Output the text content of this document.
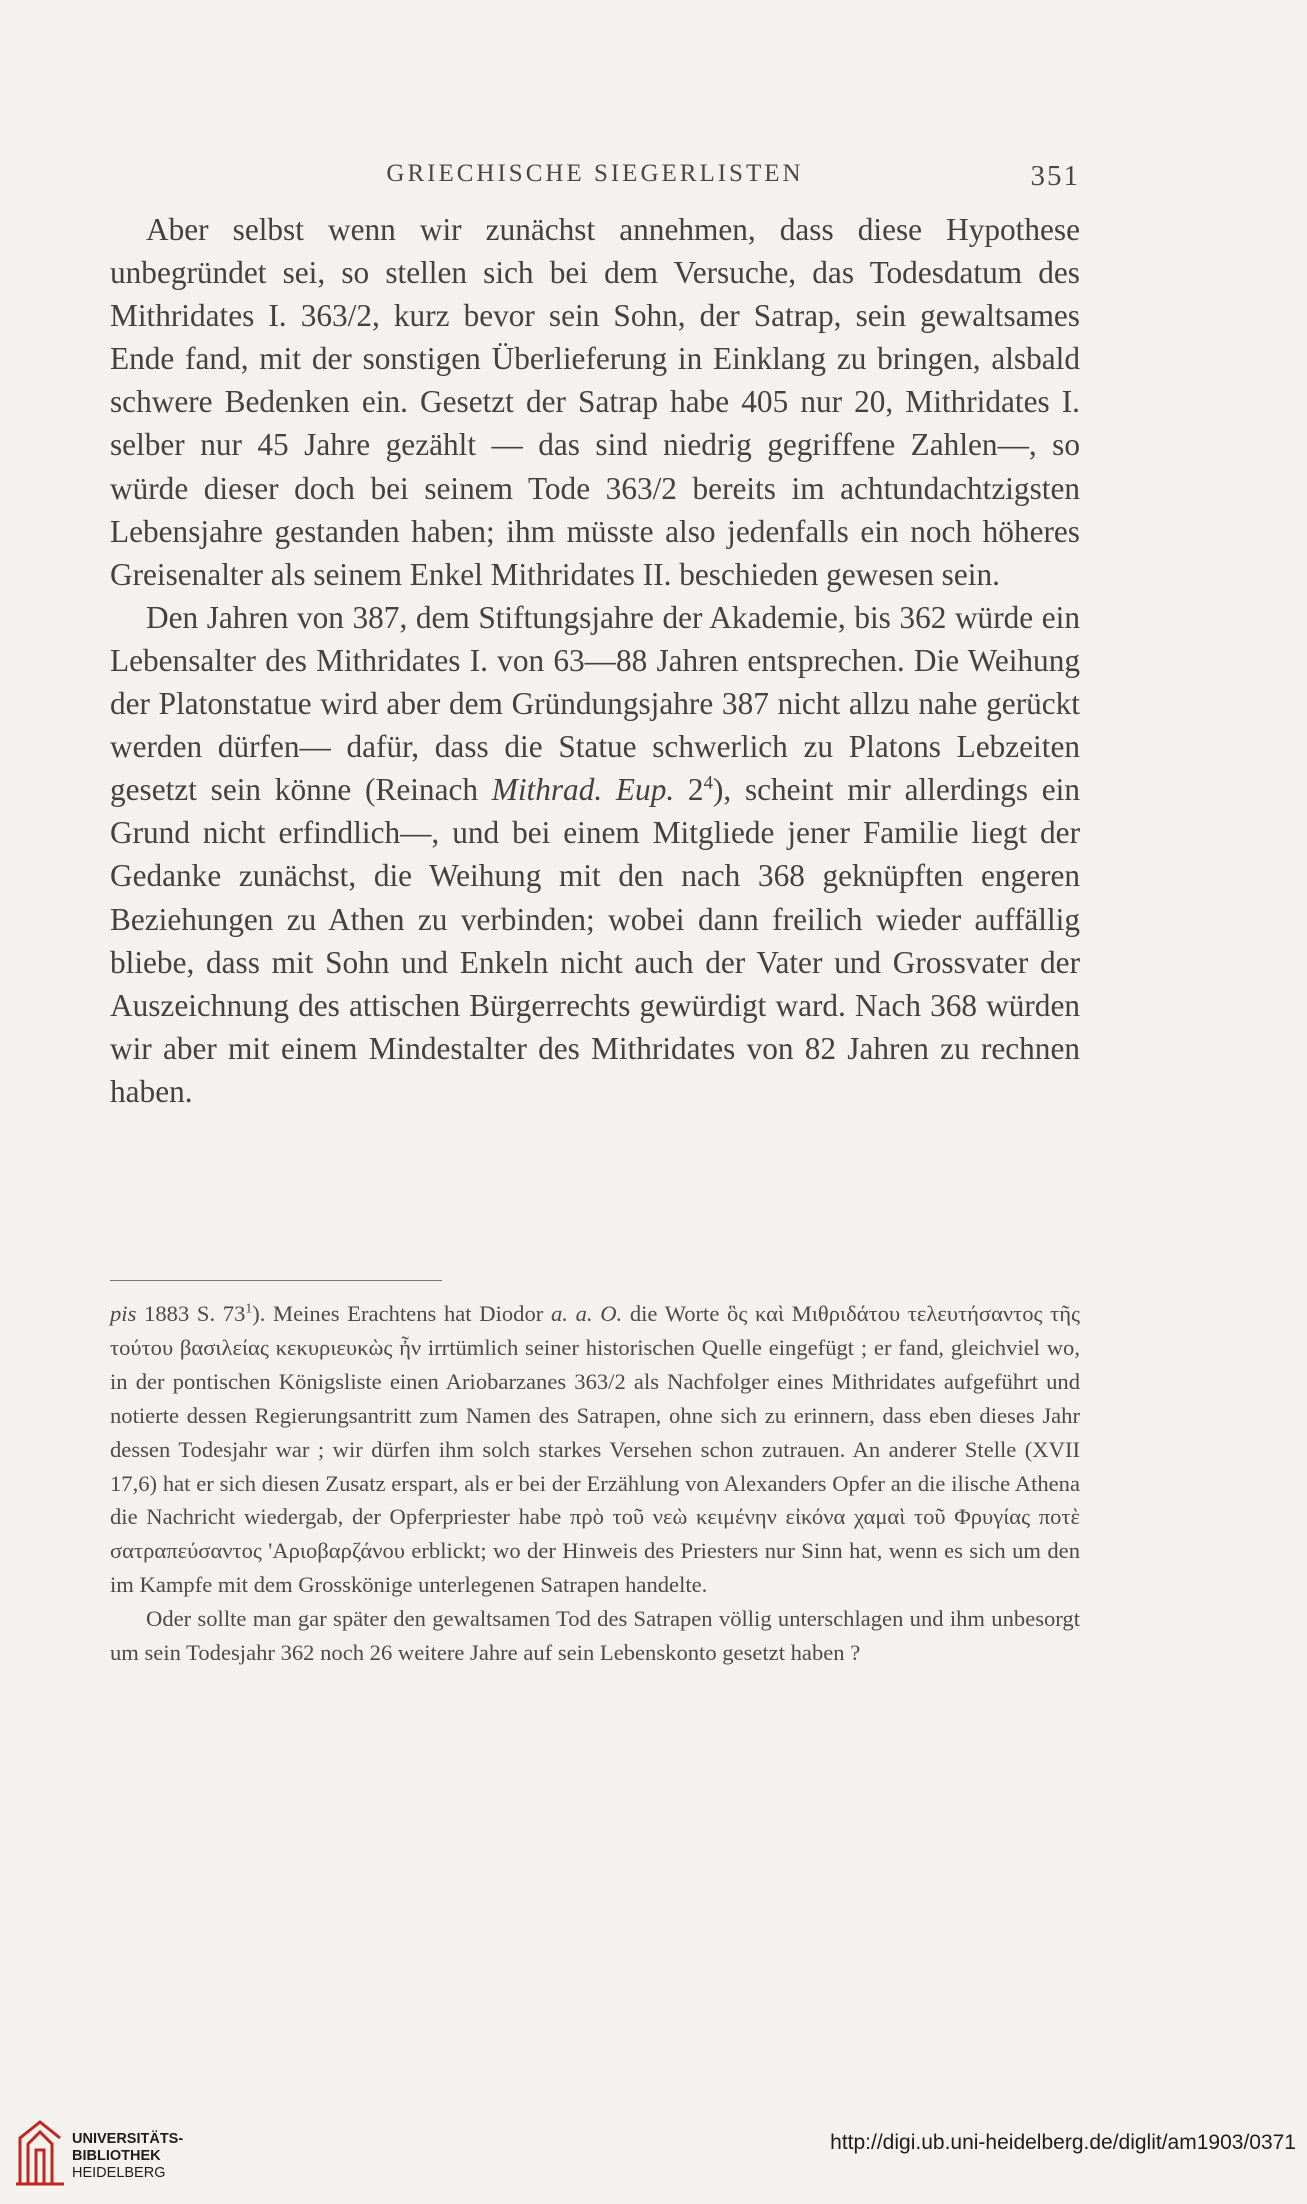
GRIECHISCHE SIEGERLISTEN	351

Aber selbst wenn wir zunächst annehmen, dass diese Hypothese unbegründet sei, so stellen sich bei dem Versuche, das Todesdatum des Mithridates I. 363/2, kurz bevor sein Sohn, der Satrap, sein gewaltsames Ende fand, mit der sonstigen Überlieferung in Einklang zu bringen, alsbald schwere Bedenken ein. Gesetzt der Satrap habe 405 nur 20, Mithridates I. selber nur 45 Jahre gezählt — das sind niedrig gegriffene Zahlen—, so würde dieser doch bei seinem Tode 363/2 bereits im achtundachtzigsten Lebensjahre gestanden haben; ihm müsste also jedenfalls ein noch höheres Greisenalter als seinem Enkel Mithridates II. beschieden gewesen sein.

Den Jahren von 387, dem Stiftungsjahre der Akademie, bis 362 würde ein Lebensalter des Mithridates I. von 63—88 Jahren entsprechen. Die Weihung der Platonstatue wird aber dem Gründungsjahre 387 nicht allzu nahe gerückt werden dürfen— dafür, dass die Statue schwerlich zu Platons Lebzeiten gesetzt sein könne (Reinach Mithrad. Eup. $2^4$), scheint mir allerdings ein Grund nicht erfindlich—, und bei einem Mitgliede jener Familie liegt der Gedanke zunächst, die Weihung mit den nach 368 geknüpften engeren Beziehungen zu Athen zu verbinden; wobei dann freilich wieder auffällig bliebe, dass mit Sohn und Enkeln nicht auch der Vater und Grossvater der Auszeichnung des attischen Bürgerrechts gewürdigt ward. Nach 368 würden wir aber mit einem Mindestalter des Mithridates von 82 Jahren zu rechnen haben.

pis 1883 S. $73^1$). Meines Erachtens hat Diodor a. a. O. die Worte ὃς καὶ Μιθριδάτου τελευτήσαντος τῆς τούτου βασιλείας κεκυριευκὼς ἦν irrtümlich seiner historischen Quelle eingefügt ; er fand, gleichviel wo, in der pontischen Königsliste einen Ariobarzanes 363/2 als Nachfolger eines Mithridates aufgeführt und notierte dessen Regierungsantritt zum Namen des Satrapen, ohne sich zu erinnern, dass eben dieses Jahr dessen Todesjahr war ; wir dürfen ihm solch starkes Versehen schon zutrauen. An anderer Stelle (XVII 17,6) hat er sich diesen Zusatz erspart, als er bei der Erzählung von Alexanders Opfer an die ilische Athena die Nachricht wiedergab, der Opferpriester habe πρὸ τοῦ νεὼ κειμένην εἰκόνα χαμαὶ τοῦ Φρυγίας ποτὲ σατραπεύσαντος 'Αριοβαρζάνου erblickt; wo der Hinweis des Priesters nur Sinn hat, wenn es sich um den im Kampfe mit dem Grosskönige unterlegenen Satrapen handelte.

Oder sollte man gar später den gewaltsamen Tod des Satrapen völlig unterschlagen und ihm unbesorgt um sein Todesjahr 362 noch 26 weitere Jahre auf sein Lebenskonto gesetzt haben ?

UNIVERSITÄTS-
BIBLIOTHEK
HEIDELBERG
http://digi.ub.uni-heidelberg.de/diglit/am1903/0371
